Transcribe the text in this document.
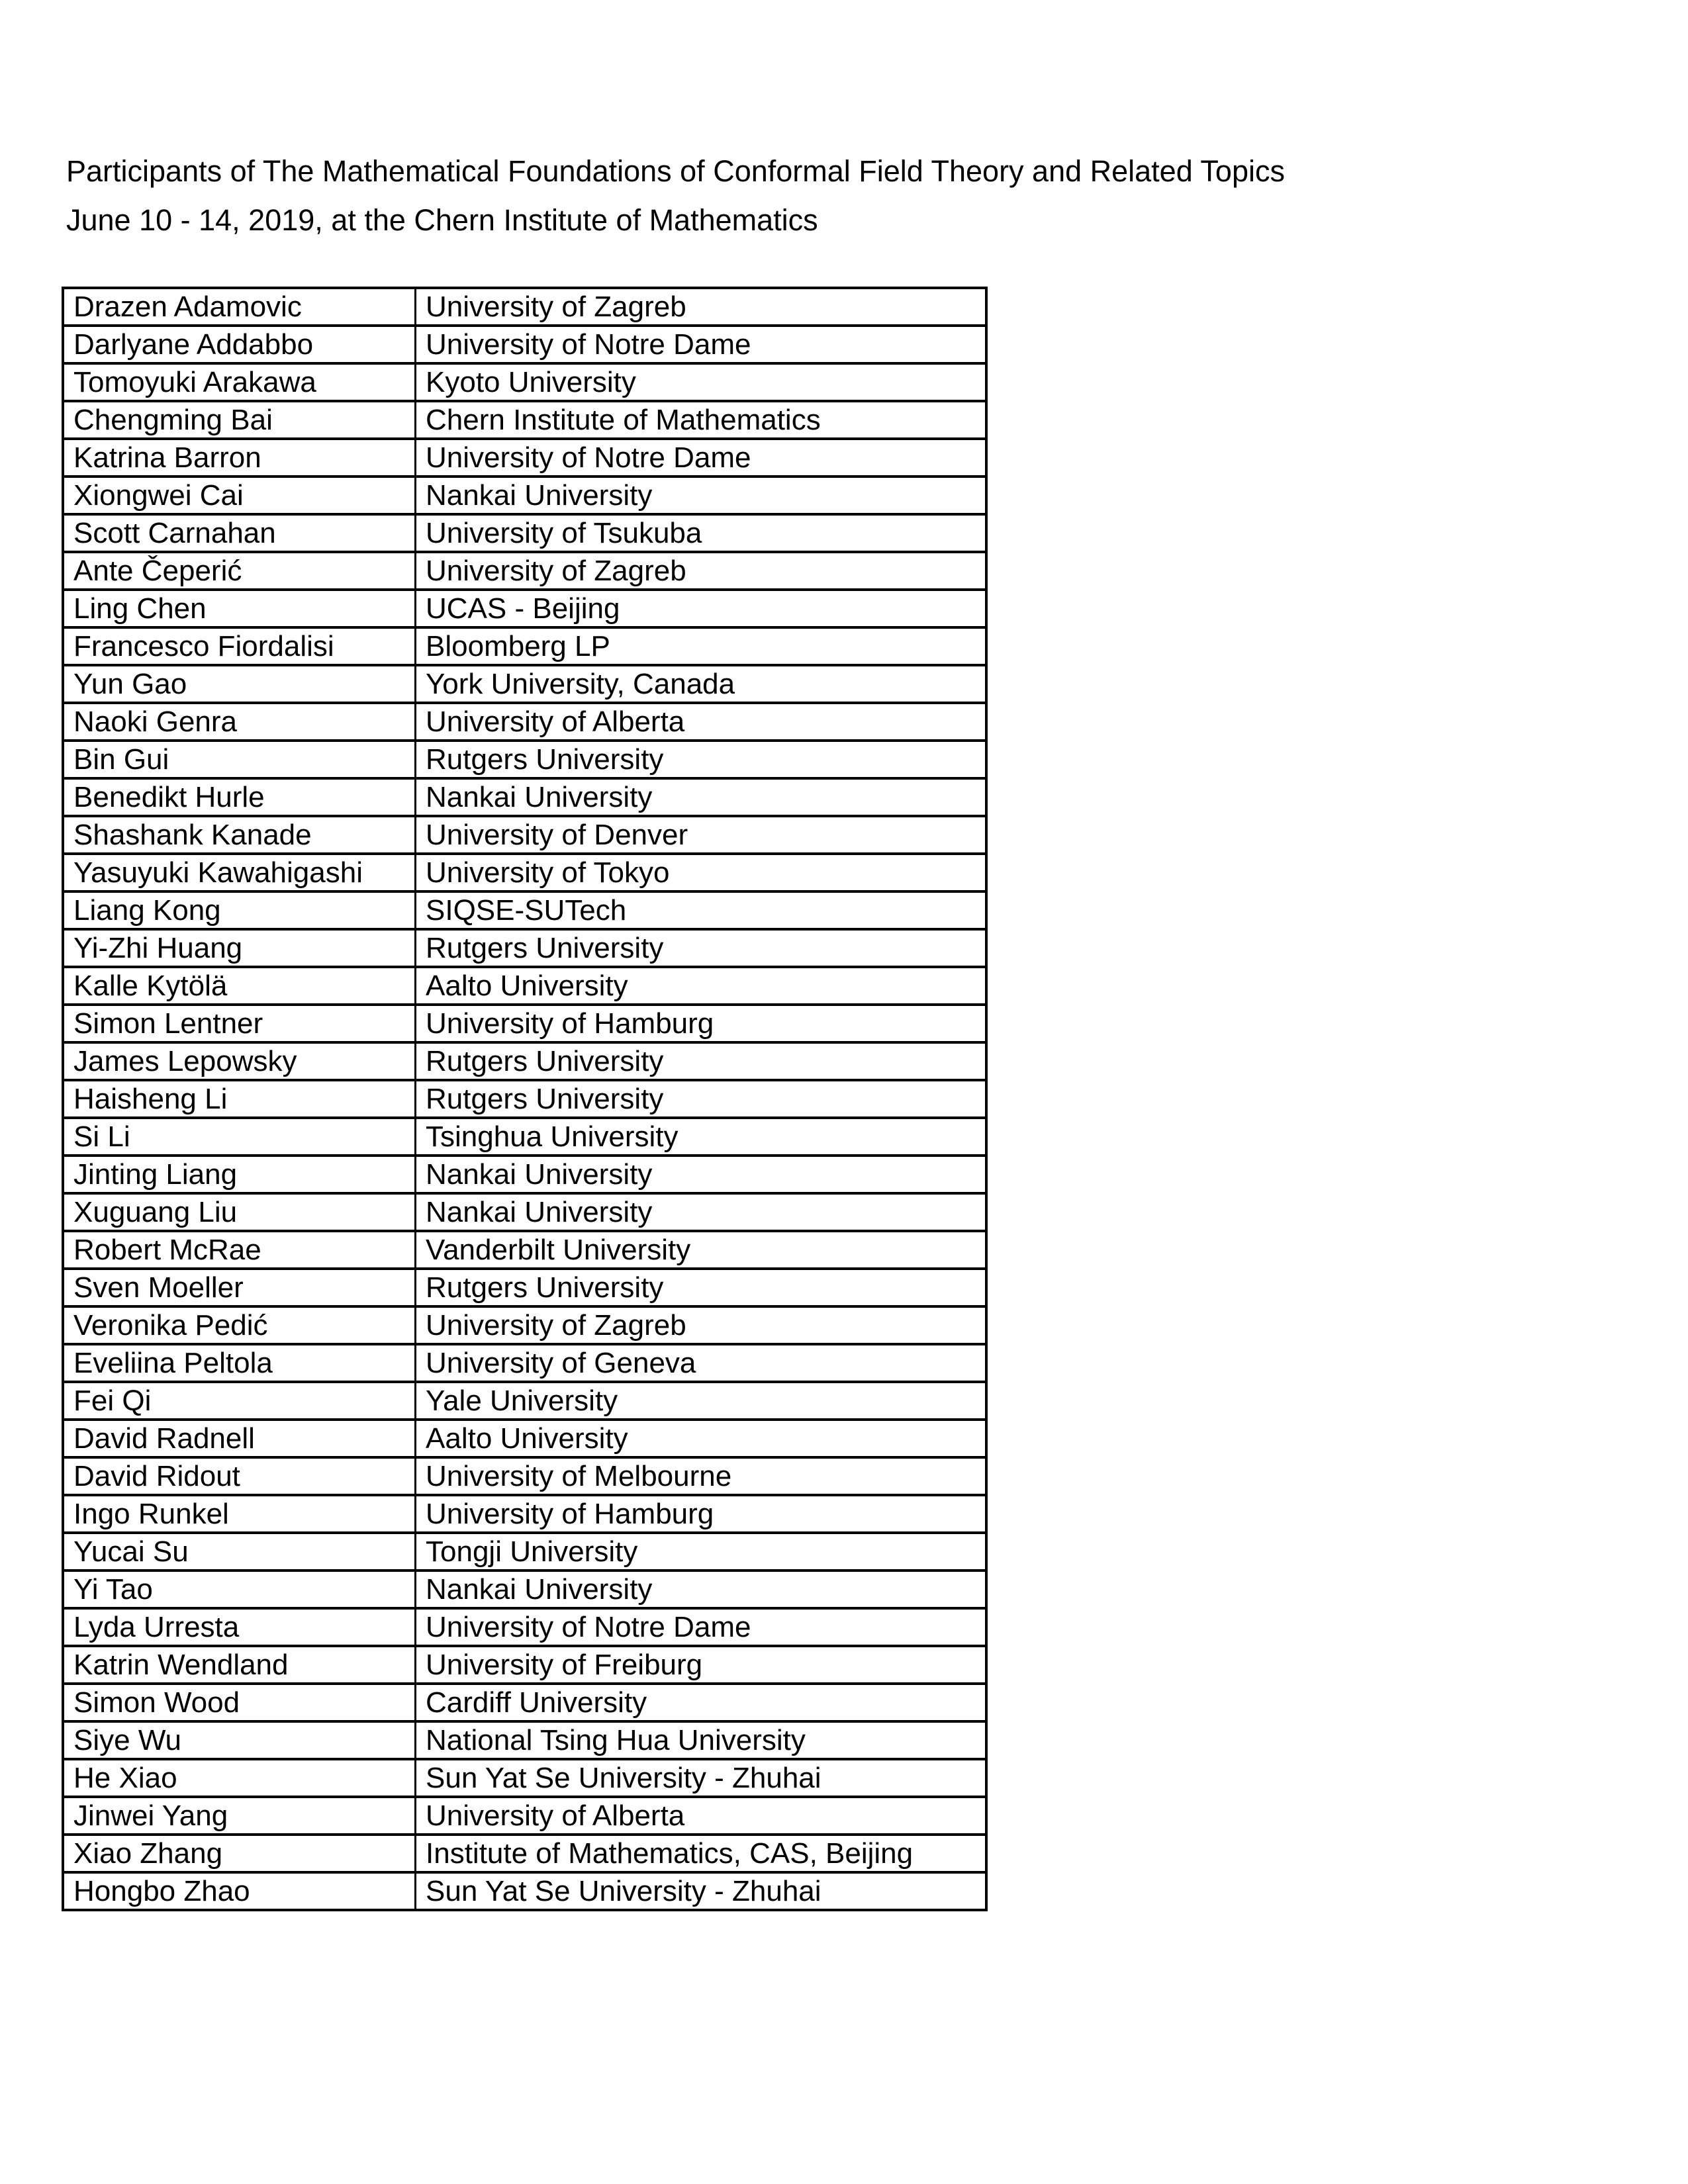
Participants of The Mathematical Foundations of Conformal Field Theory and Related Topics
June 10 - 14, 2019, at the Chern Institute of Mathematics
Drazen Adamovic	University of Zagreb
Darlyane Addabbo	University of Notre Dame
Tomoyuki Arakawa	Kyoto University
Chengming Bai	Chern Institute of Mathematics
Katrina Barron	University of Notre Dame
Xiongwei Cai	Nankai University
Scott Carnahan	University of Tsukuba
Ante Čeperić	University of Zagreb
Ling Chen	UCAS - Beijing
Francesco Fiordalisi	Bloomberg LP
Yun Gao	York University, Canada
Naoki Genra	University of Alberta
Bin Gui	Rutgers University
Benedikt Hurle	Nankai University
Shashank Kanade	University of Denver
Yasuyuki Kawahigashi	University of Tokyo
Liang Kong	SIQSE-SUTech
Yi-Zhi Huang	Rutgers University
Kalle Kytölä	Aalto University
Simon Lentner	University of Hamburg
James Lepowsky	Rutgers University
Haisheng Li	Rutgers University
Si Li	Tsinghua University
Jinting Liang	Nankai University
Xuguang Liu	Nankai University
Robert McRae	Vanderbilt University
Sven Moeller	Rutgers University
Veronika Pedić	University of Zagreb
Eveliina Peltola	University of Geneva
Fei Qi	Yale University
David Radnell	Aalto University
David Ridout	University of Melbourne
Ingo Runkel	University of Hamburg
Yucai Su	Tongji University
Yi Tao	Nankai University
Lyda Urresta	University of Notre Dame
Katrin Wendland	University of Freiburg
Simon Wood	Cardiff University
Siye Wu	National Tsing Hua University
He Xiao	Sun Yat Se University - Zhuhai
Jinwei Yang	University of Alberta
Xiao Zhang	Institute of Mathematics, CAS, Beijing
Hongbo Zhao	Sun Yat Se University - Zhuhai
